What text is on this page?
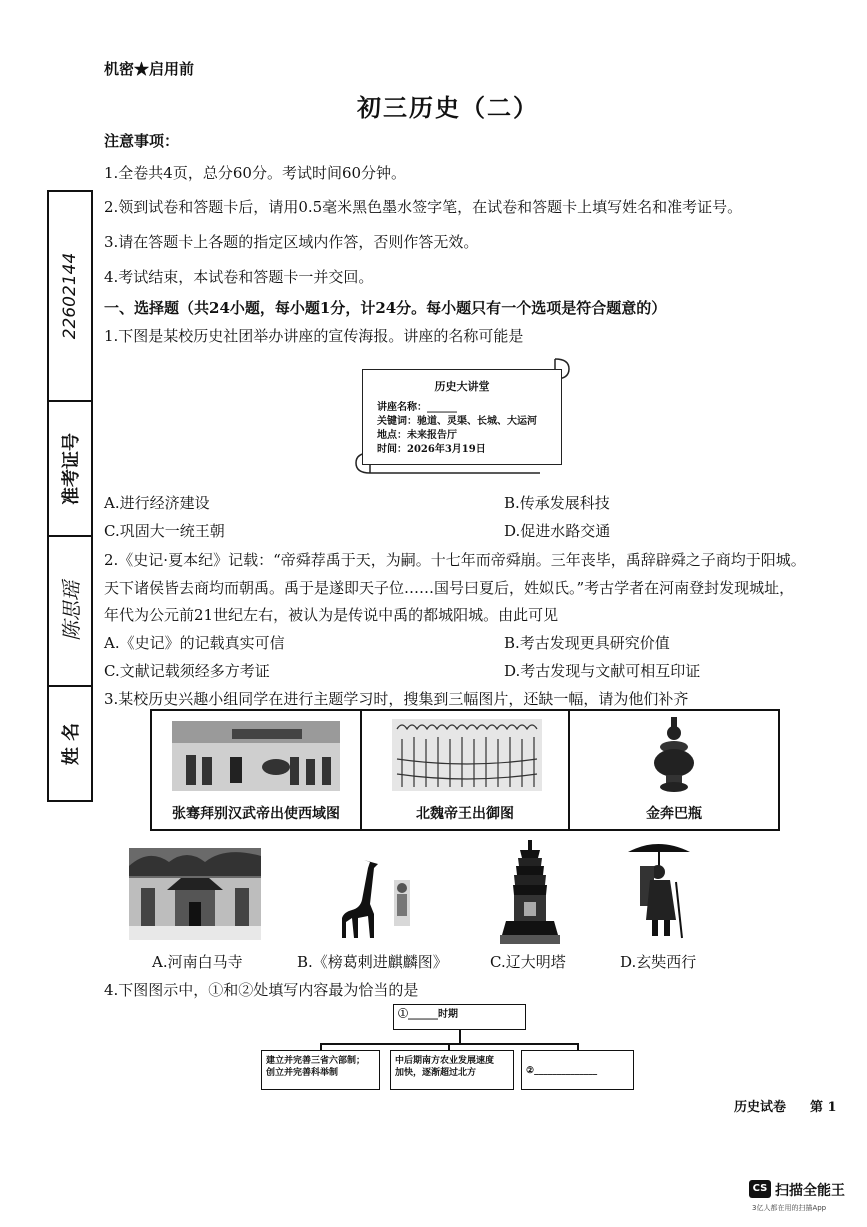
机密★启用前
初三历史（二）
注意事项：
1.全卷共4页，总分60分。考试时间60分钟。
2.领到试卷和答题卡后，请用0.5毫米黑色墨水签字笔，在试卷和答题卡上填写姓名和准考证号。
3.请在答题卡上各题的指定区域内作答，否则作答无效。
4.考试结束，本试卷和答题卡一并交回。
22602144
准考证号
陈思瑶
姓 名
一、选择题（共24小题，每小题1分，计24分。每小题只有一个选项是符合题意的）
1.下图是某校历史社团举办讲座的宣传海报。讲座的名称可能是
历史大讲堂
讲座名称：______
关键词：驰道、灵渠、长城、大运河
地点：未来报告厅
时间：2026年3月19日
A.进行经济建设	B.传承发展科技
C.巩固大一统王朝	D.促进水路交通
2.《史记·夏本纪》记载：“帝舜荐禹于天，为嗣。十七年而帝舜崩。三年丧毕，禹辞辟舜之子商均于阳城。
天下诸侯皆去商均而朝禹。禹于是遂即天子位……国号曰夏后，姓姒氏。”考古学者在河南登封发现城址，
年代为公元前21世纪左右，被认为是传说中禹的都城阳城。由此可见
A.《史记》的记载真实可信	B.考古发现更具研究价值
C.文献记载须经多方考证	D.考古发现与文献可相互印证
3.某校历史兴趣小组同学在进行主题学习时，搜集到三幅图片，还缺一幅，请为他们补齐
张骞拜别汉武帝出使西域图	北魏帝王出御图	金奔巴瓶
A.河南白马寺	B.《榜葛剌进麒麟图》	C.辽大明塔	D.玄奘西行
4.下图图示中，①和②处填写内容最为恰当的是
①______时期
建立并完善三省六部制；
创立并完善科举制
中后期南方农业发展速度
加快，逐渐超过北方	②______________
历史试卷 第 1
CS 扫描全能王
3亿人都在用的扫描App
